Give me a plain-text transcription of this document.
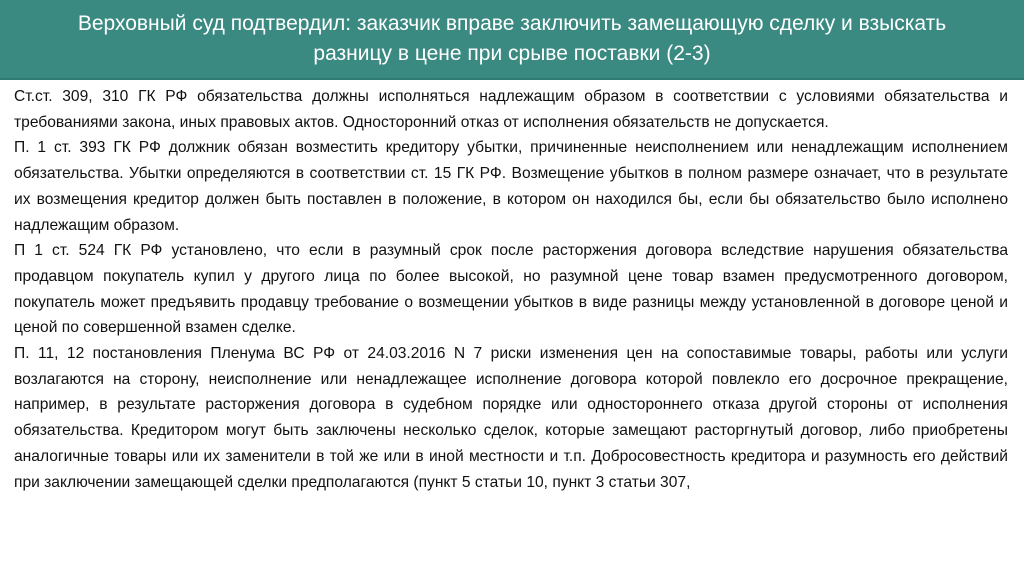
Верховный суд подтвердил: заказчик вправе заключить замещающую сделку и взыскать разницу в цене при срыве поставки (2-3)

Ст.ст. 309, 310 ГК РФ обязательства должны исполняться надлежащим образом в соответствии с условиями обязательства и требованиями закона, иных правовых актов. Односторонний отказ от исполнения обязательств не допускается.

П. 1 ст. 393 ГК РФ должник обязан возместить кредитору убытки, причиненные неисполнением или ненадлежащим исполнением обязательства. Убытки определяются в соответствии ст. 15 ГК РФ. Возмещение убытков в полном размере означает, что в результате их возмещения кредитор должен быть поставлен в положение, в котором он находился бы, если бы обязательство было исполнено надлежащим образом.

П 1 ст. 524 ГК РФ установлено, что если в разумный срок после расторжения договора вследствие нарушения обязательства продавцом покупатель купил у другого лица по более высокой, но разумной цене товар взамен предусмотренного договором, покупатель может предъявить продавцу требование о возмещении убытков в виде разницы между установленной в договоре ценой и ценой по совершенной взамен сделке.

П. 11, 12 постановления Пленума ВС РФ от 24.03.2016 N 7 риски изменения цен на сопоставимые товары, работы или услуги возлагаются на сторону, неисполнение или ненадлежащее исполнение договора которой повлекло его досрочное прекращение, например, в результате расторжения договора в судебном порядке или одностороннего отказа другой стороны от исполнения обязательства. Кредитором могут быть заключены несколько сделок, которые замещают расторгнутый договор, либо приобретены аналогичные товары или их заменители в той же или в иной местности и т.п. Добросовестность кредитора и разумность его действий при заключении замещающей сделки предполагаются (пункт 5 статьи 10, пункт 3 статьи 307,
